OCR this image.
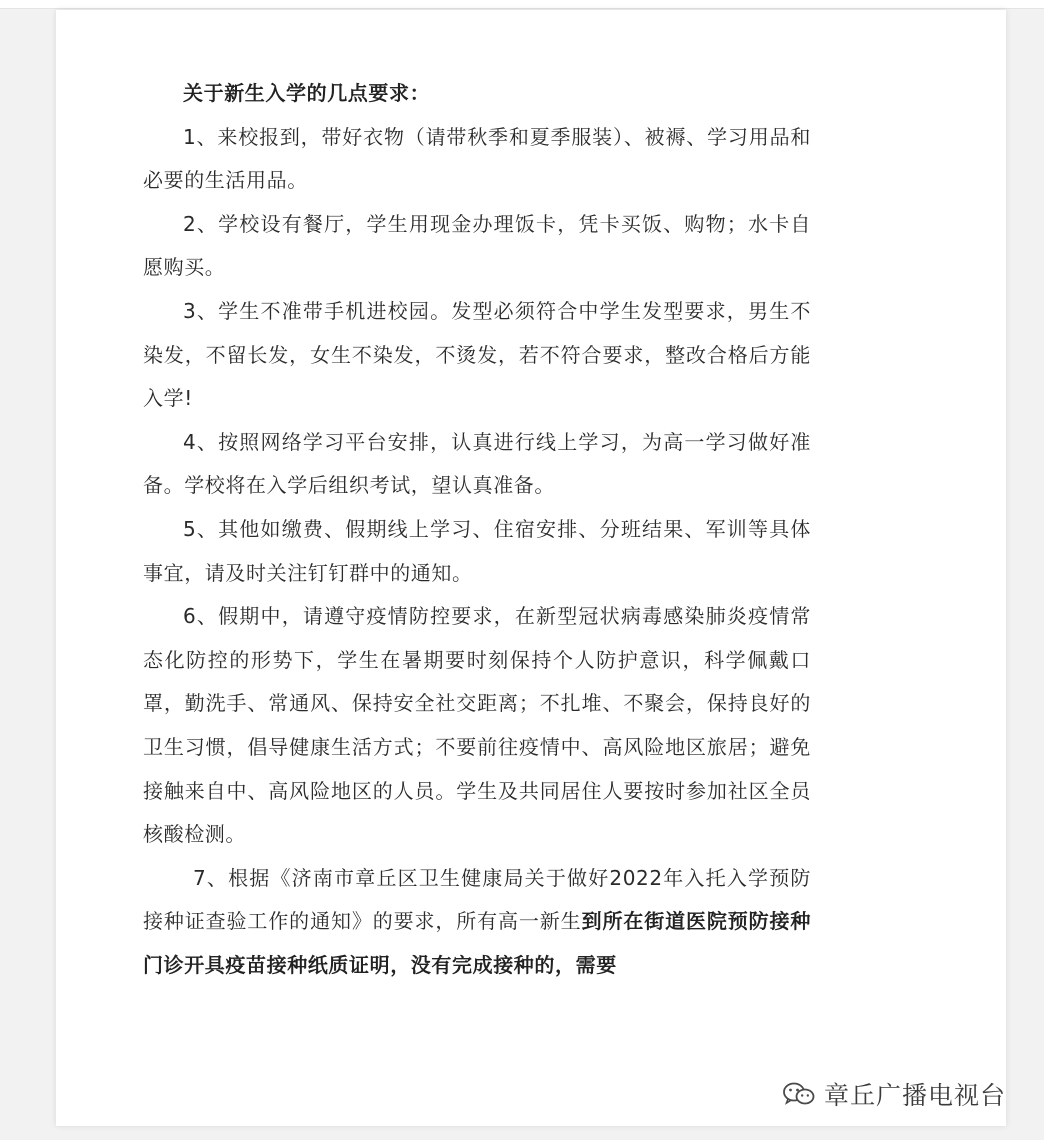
关于新生入学的几点要求：

1、来校报到，带好衣物（请带秋季和夏季服装）、被褥、学习用品和必要的生活用品。

2、学校设有餐厅，学生用现金办理饭卡，凭卡买饭、购物；水卡自愿购买。

3、学生不准带手机进校园。发型必须符合中学生发型要求，男生不染发，不留长发，女生不染发，不烫发，若不符合要求，整改合格后方能入学!

4、按照网络学习平台安排，认真进行线上学习，为高一学习做好准备。学校将在入学后组织考试，望认真准备。

5、其他如缴费、假期线上学习、住宿安排、分班结果、军训等具体事宜，请及时关注钉钉群中的通知。

6、假期中，请遵守疫情防控要求，在新型冠状病毒感染肺炎疫情常态化防控的形势下，学生在暑期要时刻保持个人防护意识，科学佩戴口罩，勤洗手、常通风、保持安全社交距离；不扎堆、不聚会，保持良好的卫生习惯，倡导健康生活方式；不要前往疫情中、高风险地区旅居；避免接触来自中、高风险地区的人员。学生及共同居住人要按时参加社区全员核酸检测。

7、根据《济南市章丘区卫生健康局关于做好2022年入托入学预防接种证查验工作的通知》的要求，所有高一新生到所在街道医院预防接种门诊开具疫苗接种纸质证明，没有完成接种的，需要

章丘广播电视台
